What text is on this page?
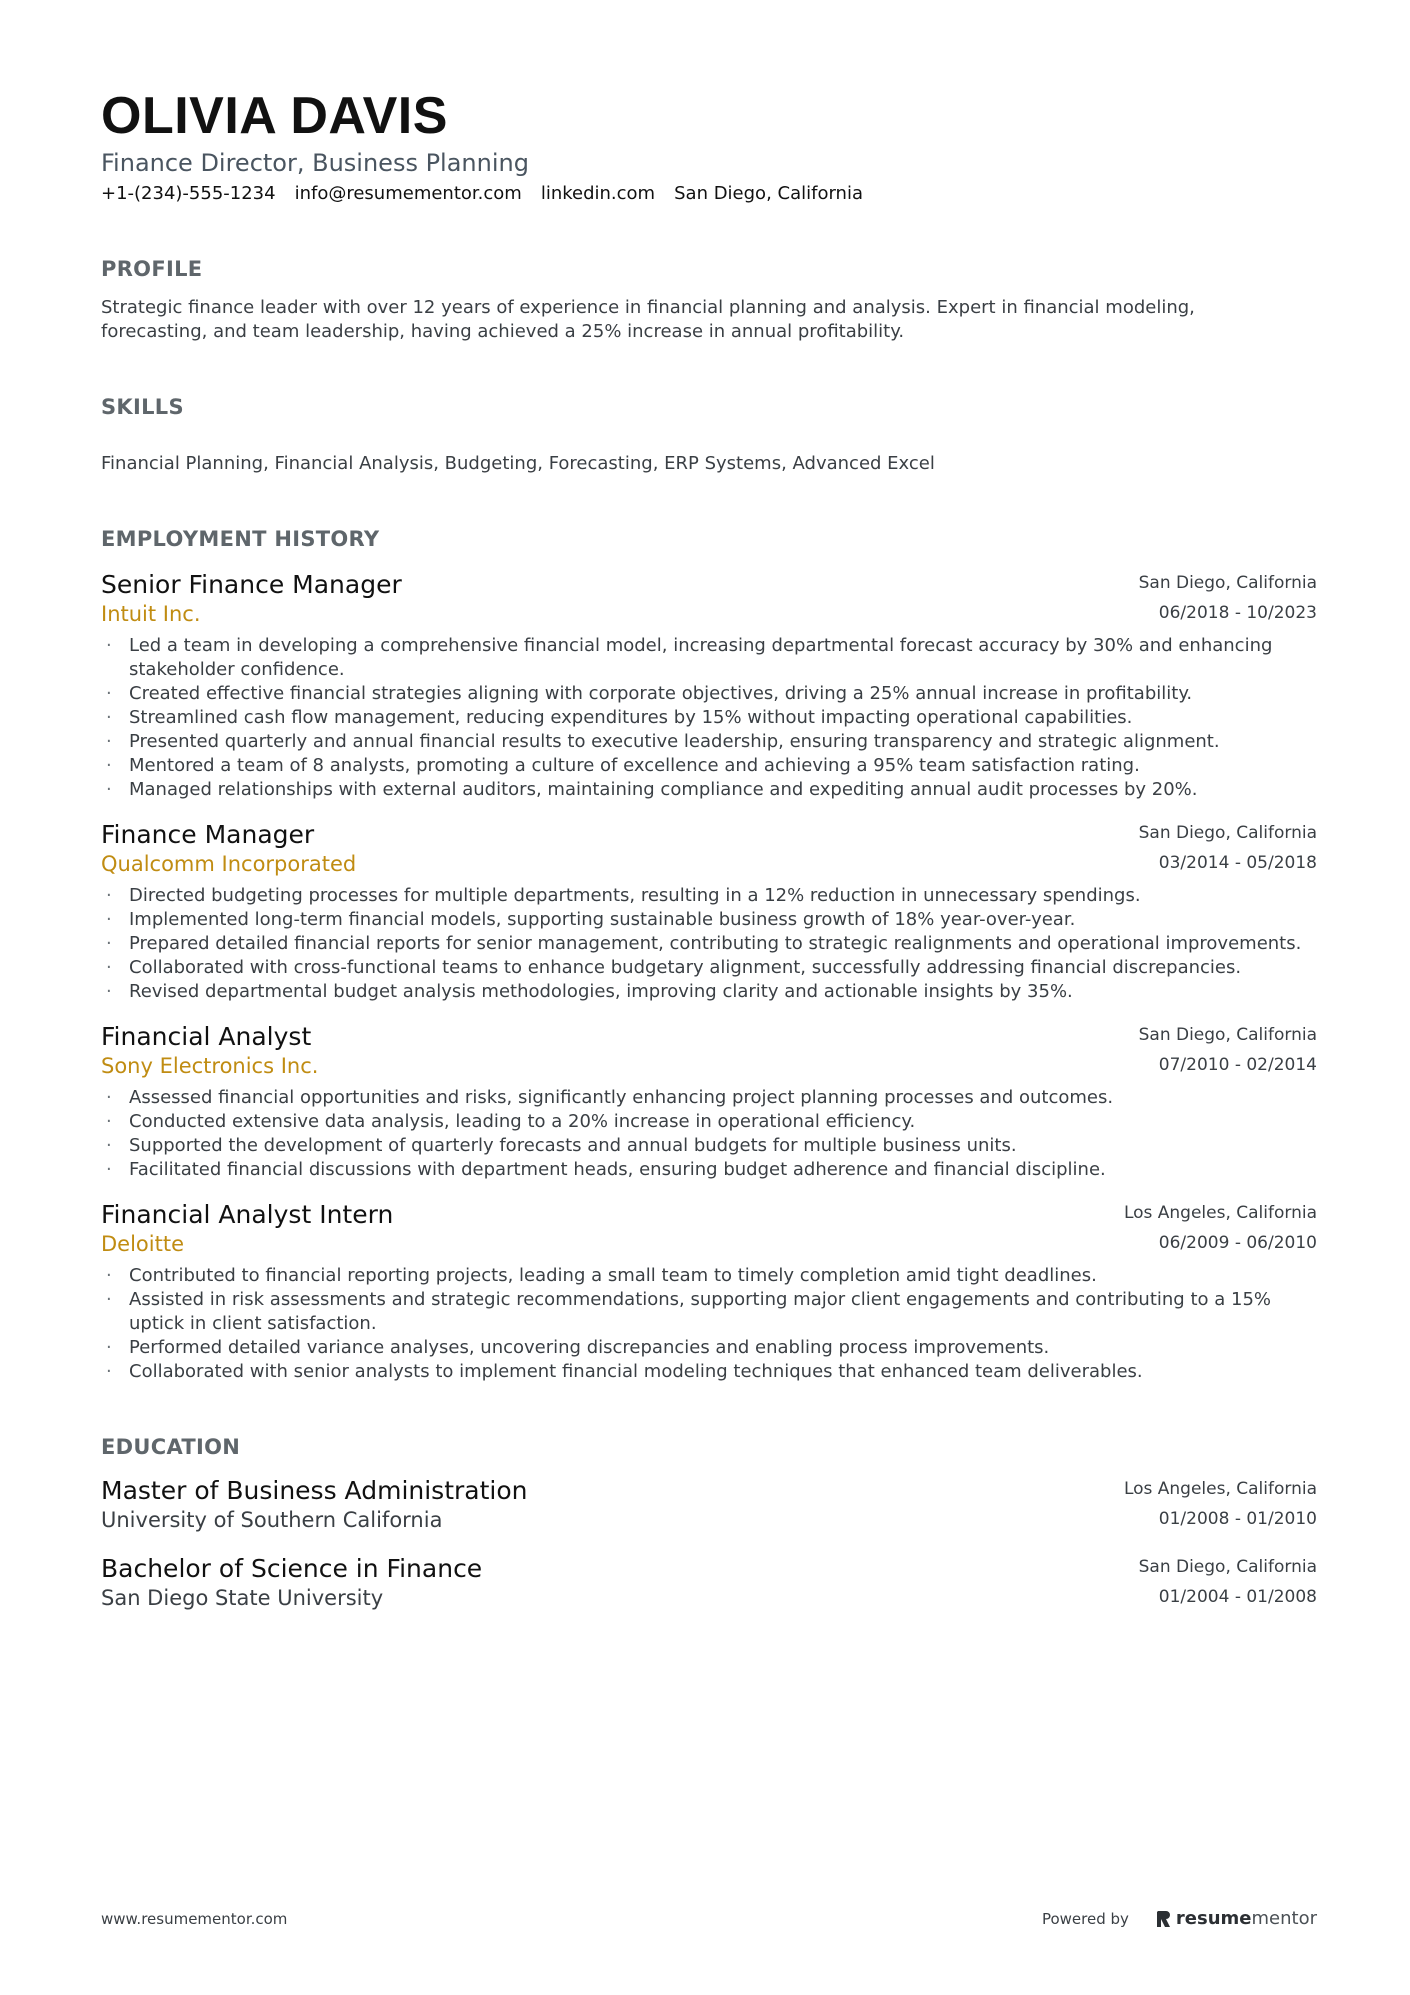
OLIVIA DAVIS
Finance Director, Business Planning
+1-(234)-555-1234 info@resumementor.com linkedin.com San Diego, California
PROFILE
Strategic finance leader with over 12 years of experience in financial planning and analysis. Expert in financial modeling, forecasting, and team leadership, having achieved a 25% increase in annual profitability.
SKILLS
Financial Planning, Financial Analysis, Budgeting, Forecasting, ERP Systems, Advanced Excel
EMPLOYMENT HISTORY
Senior Finance Manager
Intuit Inc.
San Diego, California
06/2018 - 10/2023
· Led a team in developing a comprehensive financial model, increasing departmental forecast accuracy by 30% and enhancing stakeholder confidence.
· Created effective financial strategies aligning with corporate objectives, driving a 25% annual increase in profitability.
· Streamlined cash flow management, reducing expenditures by 15% without impacting operational capabilities.
· Presented quarterly and annual financial results to executive leadership, ensuring transparency and strategic alignment.
· Mentored a team of 8 analysts, promoting a culture of excellence and achieving a 95% team satisfaction rating.
· Managed relationships with external auditors, maintaining compliance and expediting annual audit processes by 20%.
Finance Manager
Qualcomm Incorporated
San Diego, California
03/2014 - 05/2018
· Directed budgeting processes for multiple departments, resulting in a 12% reduction in unnecessary spendings.
· Implemented long-term financial models, supporting sustainable business growth of 18% year-over-year.
· Prepared detailed financial reports for senior management, contributing to strategic realignments and operational improvements.
· Collaborated with cross-functional teams to enhance budgetary alignment, successfully addressing financial discrepancies.
· Revised departmental budget analysis methodologies, improving clarity and actionable insights by 35%.
Financial Analyst
Sony Electronics Inc.
San Diego, California
07/2010 - 02/2014
· Assessed financial opportunities and risks, significantly enhancing project planning processes and outcomes.
· Conducted extensive data analysis, leading to a 20% increase in operational efficiency.
· Supported the development of quarterly forecasts and annual budgets for multiple business units.
· Facilitated financial discussions with department heads, ensuring budget adherence and financial discipline.
Financial Analyst Intern
Deloitte
Los Angeles, California
06/2009 - 06/2010
· Contributed to financial reporting projects, leading a small team to timely completion amid tight deadlines.
· Assisted in risk assessments and strategic recommendations, supporting major client engagements and contributing to a 15% uptick in client satisfaction.
· Performed detailed variance analyses, uncovering discrepancies and enabling process improvements.
· Collaborated with senior analysts to implement financial modeling techniques that enhanced team deliverables.
EDUCATION
Master of Business Administration
University of Southern California
Los Angeles, California
01/2008 - 01/2010
Bachelor of Science in Finance
San Diego State University
San Diego, California
01/2004 - 01/2008
www.resumementor.com	Powered by	resume mentor
